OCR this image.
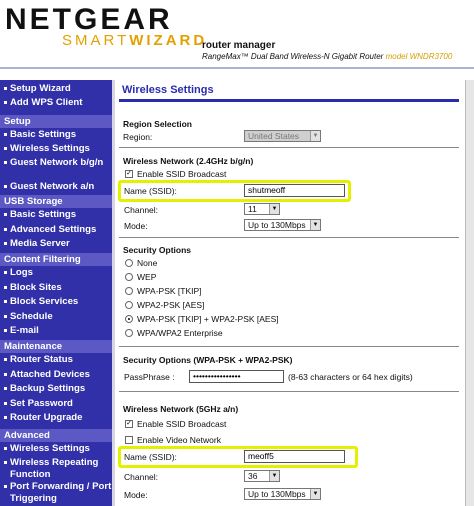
NETGEAR
SMARTWIZARD
router manager
RangeMax™ Dual Band Wireless-N Gigabit Router model WNDR3700
Setup Wizard
Add WPS Client
Setup
Basic Settings
Wireless Settings
Guest Network b/g/n
Guest Network a/n
USB Storage
Basic Settings
Advanced Settings
Media Server
Content Filtering
Logs
Block Sites
Block Services
Schedule
E-mail
Maintenance
Router Status
Attached Devices
Backup Settings
Set Password
Router Upgrade
Advanced
Wireless Settings
Wireless Repeating Function
Port Forwarding / Port Triggering
Wireless Settings
Region Selection
Region:	United States	▼
Wireless Network (2.4GHz b/g/n)
✓ Enable SSID Broadcast
Name (SSID):	shutmeoff
Channel:	11	▼
Mode:	Up to 130Mbps	▼
Security Options
None
WEP
WPA-PSK [TKIP]
WPA2-PSK [AES]
WPA-PSK [TKIP] + WPA2-PSK [AES]
WPA/WPA2 Enterprise
Security Options (WPA-PSK + WPA2-PSK)
PassPhrase :	••••••••••••••••	(8-63 characters or 64 hex digits)
Wireless Network (5GHz a/n)
✓ Enable SSID Broadcast
Enable Video Network
Name (SSID):	meoff5
Channel:	36	▼
Mode:	Up to 130Mbps	▼
